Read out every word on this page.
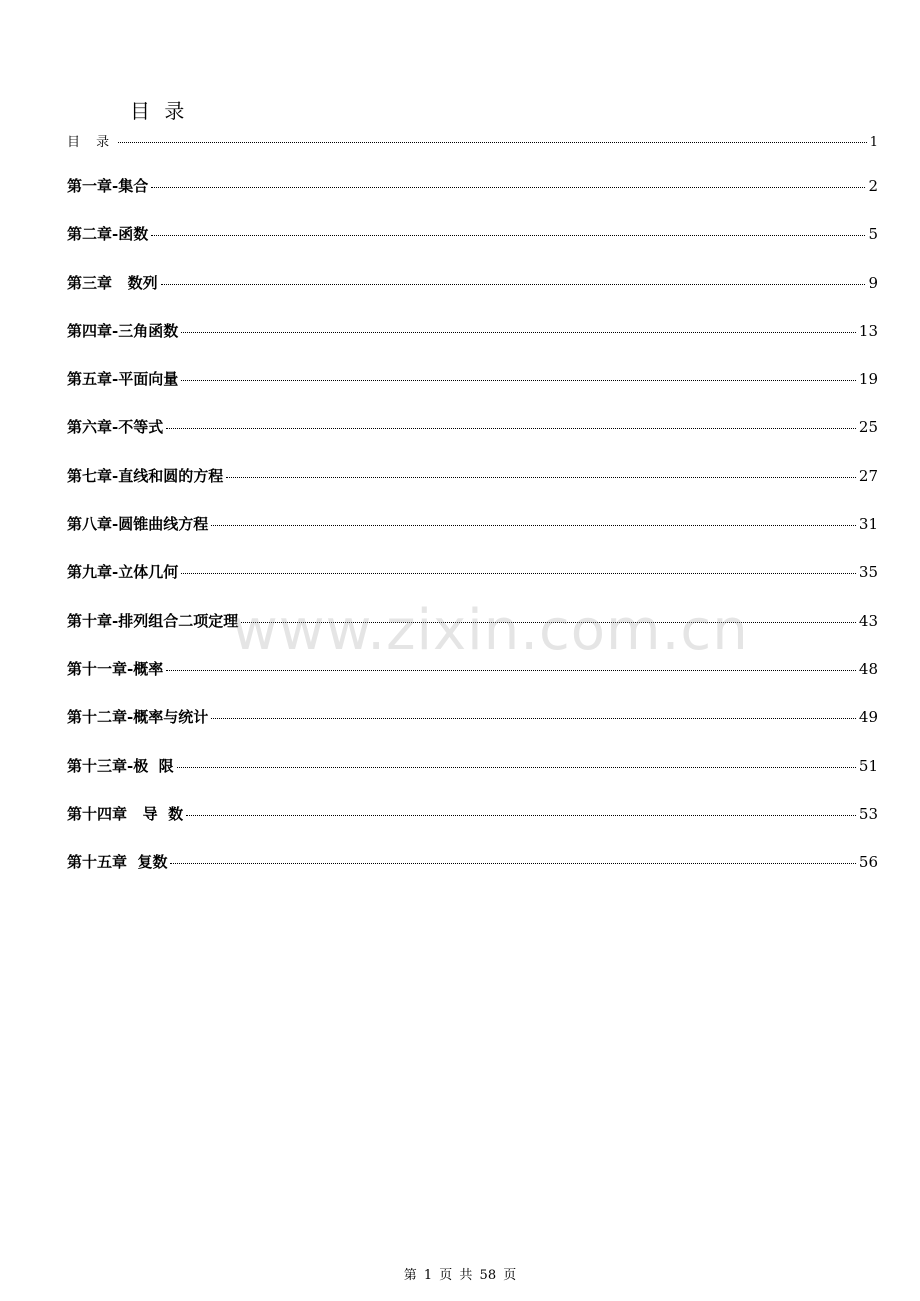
目 录
目 录	1
第一章-集合	2
第二章-函数	5
第三章   数列	9
第四章-三角函数	13
第五章-平面向量	19
第六章-不等式	25
第七章-直线和圆的方程	27
第八章-圆锥曲线方程	31
第九章-立体几何	35
第十章-排列组合二项定理	43
第十一章-概率	48
第十二章-概率与统计	49
第十三章-极  限	51
第十四章   导  数	53
第十五章  复数	56
www.zixin.com.cn
第 1 页 共 58 页
